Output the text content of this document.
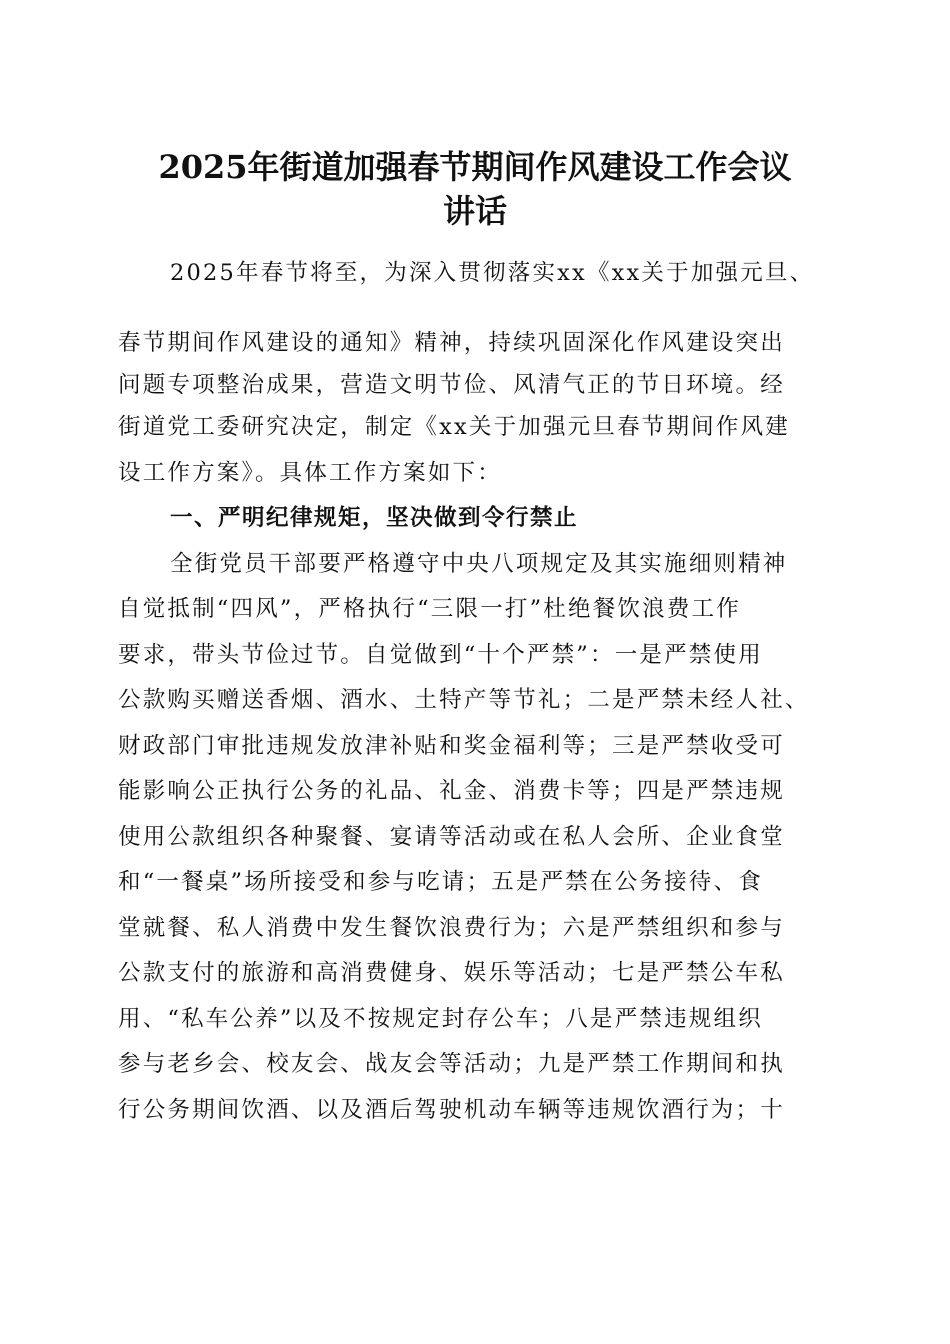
2025年街道加强春节期间作风建设工作会议
讲话
2025年春节将至，为深入贯彻落实xx《xx关于加强元旦、
春节期间作风建设的通知》精神，持续巩固深化作风建设突出
问题专项整治成果，营造文明节俭、风清气正的节日环境。经
街道党工委研究决定，制定《xx关于加强元旦春节期间作风建
设工作方案》。具体工作方案如下：
一、严明纪律规矩，坚决做到令行禁止
全街党员干部要严格遵守中央八项规定及其实施细则精神
自觉抵制“四风”，严格执行“三限一打”杜绝餐饮浪费工作
要求，带头节俭过节。自觉做到“十个严禁”：一是严禁使用
公款购买赠送香烟、酒水、土特产等节礼；二是严禁未经人社、
财政部门审批违规发放津补贴和奖金福利等；三是严禁收受可
能影响公正执行公务的礼品、礼金、消费卡等；四是严禁违规
使用公款组织各种聚餐、宴请等活动或在私人会所、企业食堂
和“一餐桌”场所接受和参与吃请；五是严禁在公务接待、食
堂就餐、私人消费中发生餐饮浪费行为；六是严禁组织和参与
公款支付的旅游和高消费健身、娱乐等活动；七是严禁公车私
用、“私车公养”以及不按规定封存公车；八是严禁违规组织
参与老乡会、校友会、战友会等活动；九是严禁工作期间和执
行公务期间饮酒、以及酒后驾驶机动车辆等违规饮酒行为；十
